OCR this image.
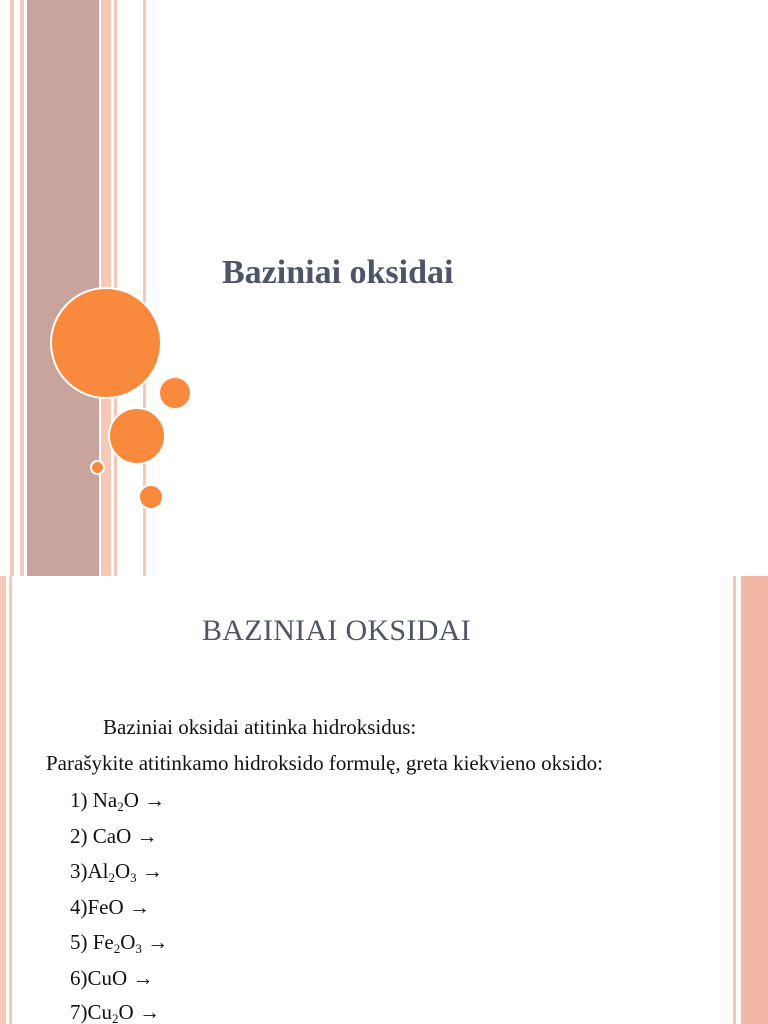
Baziniai oksidai
BAZINIAI OKSIDAI
Baziniai oksidai atitinka hidroksidus:
Parašykite atitinkamo hidroksido formulę, greta kiekvieno oksido:
1) $Na_2O$ →
2) CaO →
$3)Al_2O_3$ →
4)FeO →
5) $Fe_2O_3$ →
6)CuO →
$7)Cu_2O$ →
